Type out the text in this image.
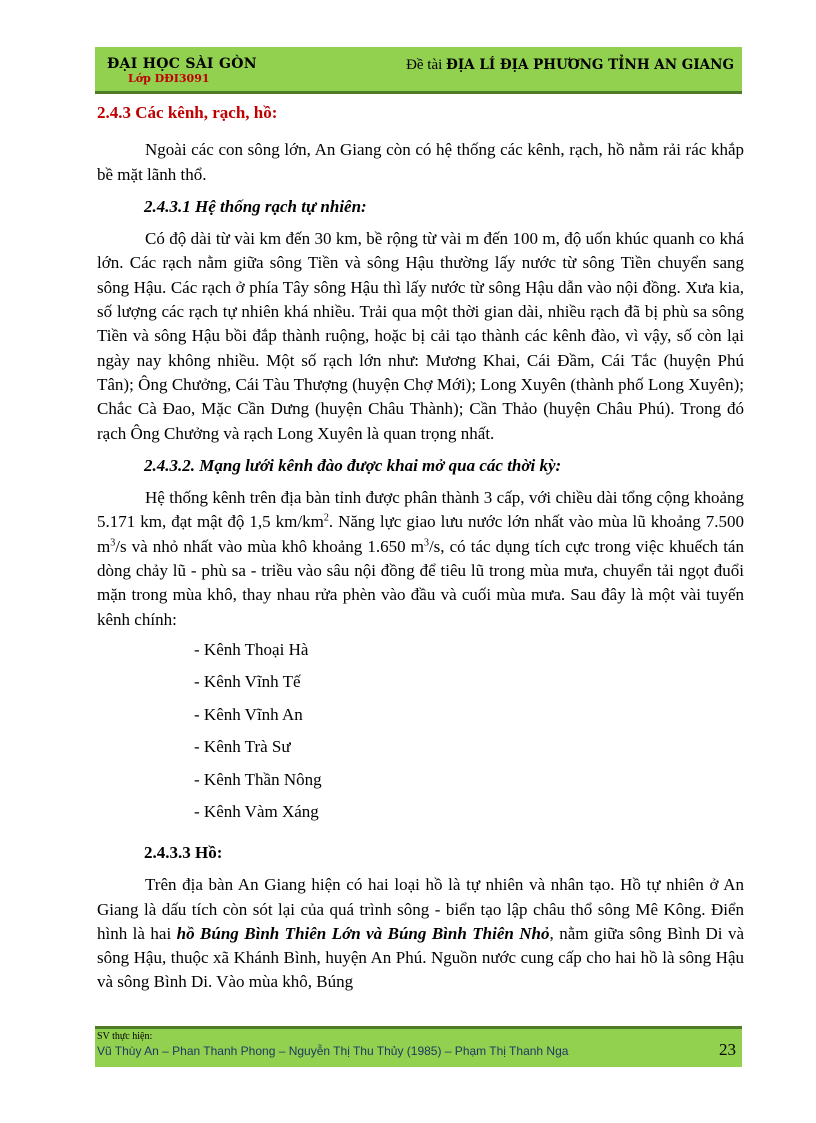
ĐẠI HỌC SÀI GÒN
Lớp DĐI3091
Đề tài ĐỊA LÍ ĐỊA PHƯƠNG TỈNH AN GIANG
2.4.3 Các kênh, rạch, hồ:

Ngoài các con sông lớn, An Giang còn có hệ thống các kênh, rạch, hồ nằm rải rác khắp bề mặt lãnh thổ.

2.4.3.1 Hệ thống rạch tự nhiên:

Có độ dài từ vài km đến 30 km, bề rộng từ vài m đến 100 m, độ uốn khúc quanh co khá lớn. Các rạch nằm giữa sông Tiền và sông Hậu thường lấy nước từ sông Tiền chuyển sang sông Hậu. Các rạch ở phía Tây sông Hậu thì lấy nước từ sông Hậu dẫn vào nội đồng. Xưa kia, số lượng các rạch tự nhiên khá nhiều. Trải qua một thời gian dài, nhiều rạch đã bị phù sa sông Tiền và sông Hậu bồi đắp thành ruộng, hoặc bị cải tạo thành các kênh đào, vì vậy, số còn lại ngày nay không nhiều. Một số rạch lớn như: Mương Khai, Cái Đầm, Cái Tắc (huyện Phú Tân); Ông Chưởng, Cái Tàu Thượng (huyện Chợ Mới); Long Xuyên (thành phố Long Xuyên); Chắc Cà Đao, Mặc Cần Dưng (huyện Châu Thành); Cần Thảo (huyện Châu Phú). Trong đó rạch Ông Chưởng và rạch Long Xuyên là quan trọng nhất.

2.4.3.2. Mạng lưới kênh đào được khai mở qua các thời kỳ:

Hệ thống kênh trên địa bàn tỉnh được phân thành 3 cấp, với chiều dài tổng cộng khoảng 5.171 km, đạt mật độ 1,5 $km/km^2$. Năng lực giao lưu nước lớn nhất vào mùa lũ khoảng 7.500 $m^3/s$ và nhỏ nhất vào mùa khô khoảng 1.650 $m^3/s$, có tác dụng tích cực trong việc khuếch tán dòng chảy lũ - phù sa - triều vào sâu nội đồng để tiêu lũ trong mùa mưa, chuyển tải ngọt đuổi mặn trong mùa khô, thay nhau rửa phèn vào đầu và cuối mùa mưa. Sau đây là một vài tuyến kênh chính:

- Kênh Thoại Hà
- Kênh Vĩnh Tế
- Kênh Vĩnh An
- Kênh Trà Sư
- Kênh Thần Nông
- Kênh Vàm Xáng
2.4.3.3 Hồ:

Trên địa bàn An Giang hiện có hai loại hồ là tự nhiên và nhân tạo. Hồ tự nhiên ở An Giang là dấu tích còn sót lại của quá trình sông - biển tạo lập châu thổ sông Mê Kông. Điển hình là hai hồ Búng Bình Thiên Lớn và Búng Bình Thiên Nhỏ, nằm giữa sông Bình Di và sông Hậu, thuộc xã Khánh Bình, huyện An Phú. Nguồn nước cung cấp cho hai hồ là sông Hậu và sông Bình Di. Vào mùa khô, Búng

SV thực hiện:
Vũ Thùy An – Phan Thanh Phong – Nguyễn Thị Thu Thủy (1985) – Phạm Thị Thanh Nga	23
